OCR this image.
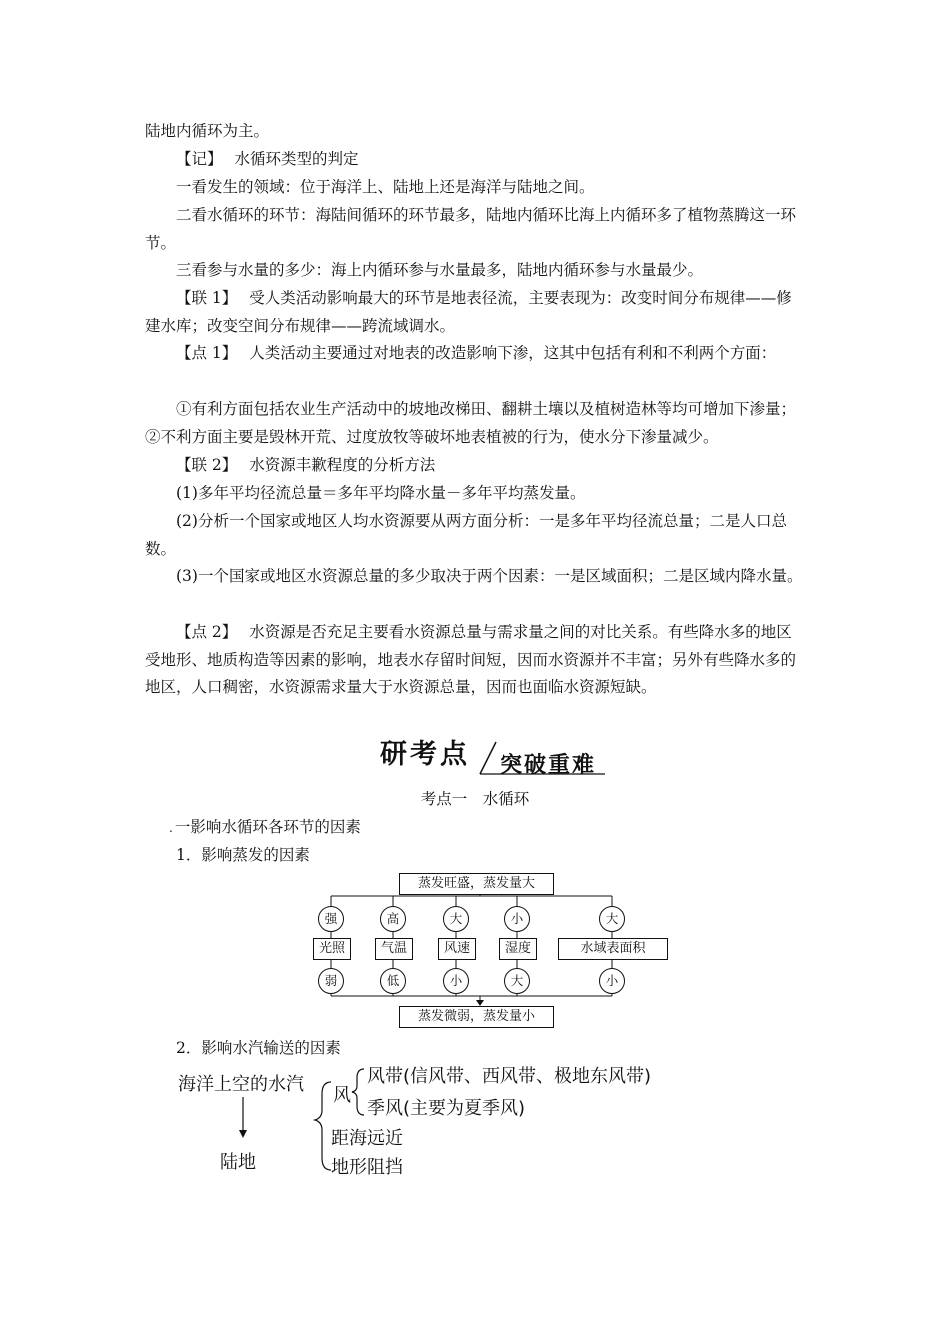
陆地内循环为主。
【记】 水循环类型的判定
一看发生的领域：位于海洋上、陆地上还是海洋与陆地之间。
二看水循环的环节：海陆间循环的环节最多，陆地内循环比海上内循环多了植物蒸腾这一环节。
三看参与水量的多少：海上内循环参与水量最多，陆地内循环参与水量最少。
【联 1】 受人类活动影响最大的环节是地表径流，主要表现为：改变时间分布规律——修建水库；改变空间分布规律——跨流域调水。
【点 1】 人类活动主要通过对地表的改造影响下渗，这其中包括有利和不利两个方面：
①有利方面包括农业生产活动中的坡地改梯田、翻耕土壤以及植树造林等均可增加下渗量；②不利方面主要是毁林开荒、过度放牧等破坏地表植被的行为，使水分下渗量减少。
【联 2】 水资源丰歉程度的分析方法
(1)多年平均径流总量＝多年平均降水量－多年平均蒸发量。
(2)分析一个国家或地区人均水资源要从两方面分析：一是多年平均径流总量；二是人口总数。
(3)一个国家或地区水资源总量的多少取决于两个因素：一是区域面积；二是区域内降水量。
【点 2】 水资源是否充足主要看水资源总量与需求量之间的对比关系。有些降水多的地区受地形、地质构造等因素的影响，地表水存留时间短，因而水资源并不丰富；另外有些降水多的地区，人口稠密，水资源需求量大于水资源总量，因而也面临水资源短缺。
研考点 突破重难
考点一　水循环
. 一影响水循环各环节的因素
1．影响蒸发的因素
蒸发旺盛，蒸发量大
蒸发微弱，蒸发量小
强	高	大	小	大
光照	气温	风速	湿度	水域表面积
弱	低	小	大	小
2．影响水汽输送的因素
海洋上空的水汽
风
风带(信风带、西风带、极地东风带)
季风(主要为夏季风)
距海远近
陆地	地形阻挡
